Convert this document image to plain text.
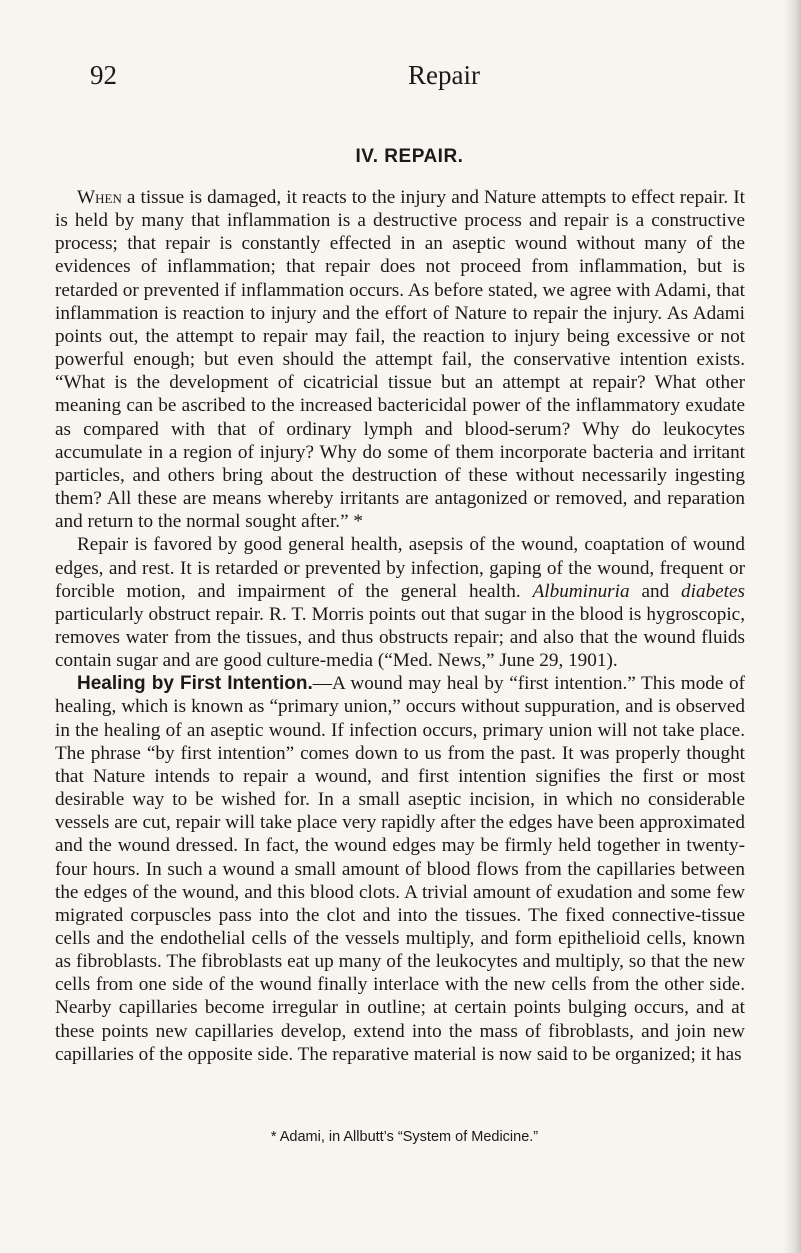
92	Repair
IV. REPAIR.

When a tissue is damaged, it reacts to the injury and Nature attempts to effect repair. It is held by many that inflammation is a destructive process and repair is a constructive process; that repair is constantly effected in an aseptic wound without many of the evidences of inflammation; that repair does not proceed from inflammation, but is retarded or prevented if inflammation occurs. As before stated, we agree with Adami, that inflammation is reaction to injury and the effort of Nature to repair the injury. As Adami points out, the attempt to repair may fail, the reaction to injury being excessive or not powerful enough; but even should the attempt fail, the conservative intention exists. “What is the development of cicatricial tissue but an attempt at repair? What other meaning can be ascribed to the increased bactericidal power of the inflammatory exudate as compared with that of ordinary lymph and blood-serum? Why do leukocytes accumulate in a region of injury? Why do some of them incorporate bacteria and irritant particles, and others bring about the destruction of these without necessarily ingesting them? All these are means whereby irritants are antagonized or removed, and reparation and return to the normal sought after.” *

Repair is favored by good general health, asepsis of the wound, coaptation of wound edges, and rest. It is retarded or prevented by infection, gaping of the wound, frequent or forcible motion, and impairment of the general health. Albuminuria and diabetes particularly obstruct repair. R. T. Morris points out that sugar in the blood is hygroscopic, removes water from the tissues, and thus obstructs repair; and also that the wound fluids contain sugar and are good culture-media (“Med. News,” June 29, 1901).

Healing by First Intention.—A wound may heal by “first intention.” This mode of healing, which is known as “primary union,” occurs without suppuration, and is observed in the healing of an aseptic wound. If infection occurs, primary union will not take place. The phrase “by first intention” comes down to us from the past. It was properly thought that Nature intends to repair a wound, and first intention signifies the first or most desirable way to be wished for. In a small aseptic incision, in which no considerable vessels are cut, repair will take place very rapidly after the edges have been approximated and the wound dressed. In fact, the wound edges may be firmly held together in twenty-four hours. In such a wound a small amount of blood flows from the capillaries between the edges of the wound, and this blood clots. A trivial amount of exudation and some few migrated corpuscles pass into the clot and into the tissues. The fixed connective-tissue cells and the endothelial cells of the vessels multiply, and form epithelioid cells, known as fibroblasts. The fibroblasts eat up many of the leukocytes and multiply, so that the new cells from one side of the wound finally interlace with the new cells from the other side. Nearby capillaries become irregular in outline; at certain points bulging occurs, and at these points new capillaries develop, extend into the mass of fibroblasts, and join new capillaries of the opposite side. The reparative material is now said to be organized; it has

* Adami, in Allbutt’s “System of Medicine.”
